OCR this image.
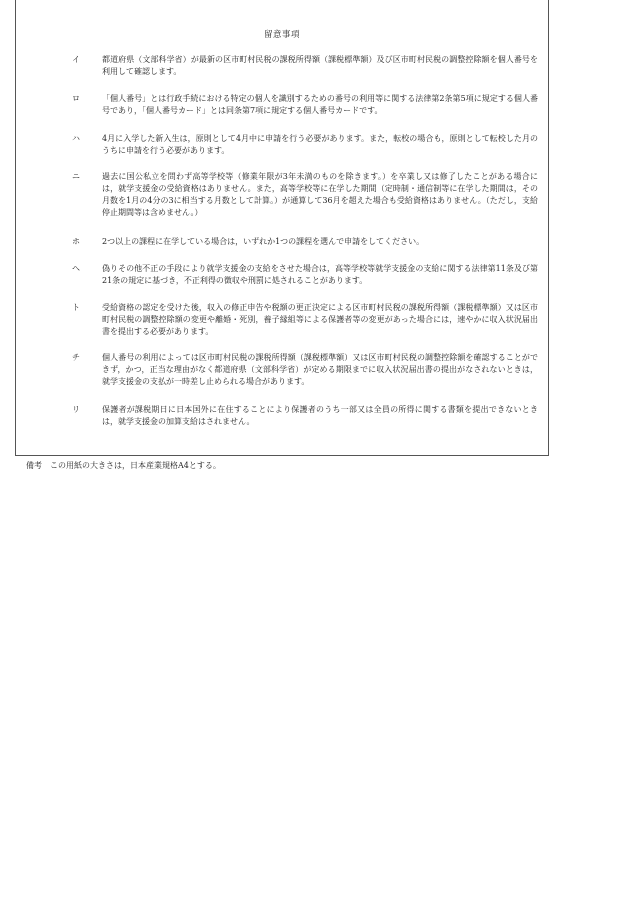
留意事項
イ	都道府県（文部科学省）が最新の区市町村民税の課税所得額（課税標準額）及び区市町村民税の調整控除額を個人番号を利用して確認します。
ロ	「個人番号」とは行政手続における特定の個人を識別するための番号の利用等に関する法律第2条第5項に規定する個人番号であり，「個人番号カード」とは同条第7項に規定する個人番号カードです。
ハ	4月に入学した新入生は，原則として4月中に申請を行う必要があります。また，転校の場合も，原則として転校した月のうちに申請を行う必要があります。
ニ	過去に国公私立を問わず高等学校等（修業年限が3年未満のものを除きます。）を卒業し又は修了したことがある場合には，就学支援金の受給資格はありません。また，高等学校等に在学した期間（定時制・通信制等に在学した期間は，その月数を1月の4分の3に相当する月数として計算。）が通算して36月を超えた場合も受給資格はありません。（ただし，支給停止期間等は含めません。）
ホ	2つ以上の課程に在学している場合は，いずれか1つの課程を選んで申請をしてください。
ヘ	偽りその他不正の手段により就学支援金の支給をさせた場合は，高等学校等就学支援金の支給に関する法律第11条及び第21条の規定に基づき，不正利得の徴収や刑罰に処されることがあります。
ト	受給資格の認定を受けた後，収入の修正申告や税額の更正決定による区市町村民税の課税所得額（課税標準額）又は区市町村民税の調整控除額の変更や離婚・死別，養子縁組等による保護者等の変更があった場合には，速やかに収入状況届出書を提出する必要があります。
チ	個人番号の利用によっては区市町村民税の課税所得額（課税標準額）又は区市町村民税の調整控除額を確認することができず，かつ，正当な理由がなく都道府県（文部科学省）が定める期限までに収入状況届出書の提出がなされないときは，就学支援金の支払が一時差し止められる場合があります。
リ	保護者が課税期日に日本国外に在住することにより保護者のうち一部又は全員の所得に関する書類を提出できないときは，就学支援金の加算支給はされません。
備考 この用紙の大きさは，日本産業規格A4とする。
